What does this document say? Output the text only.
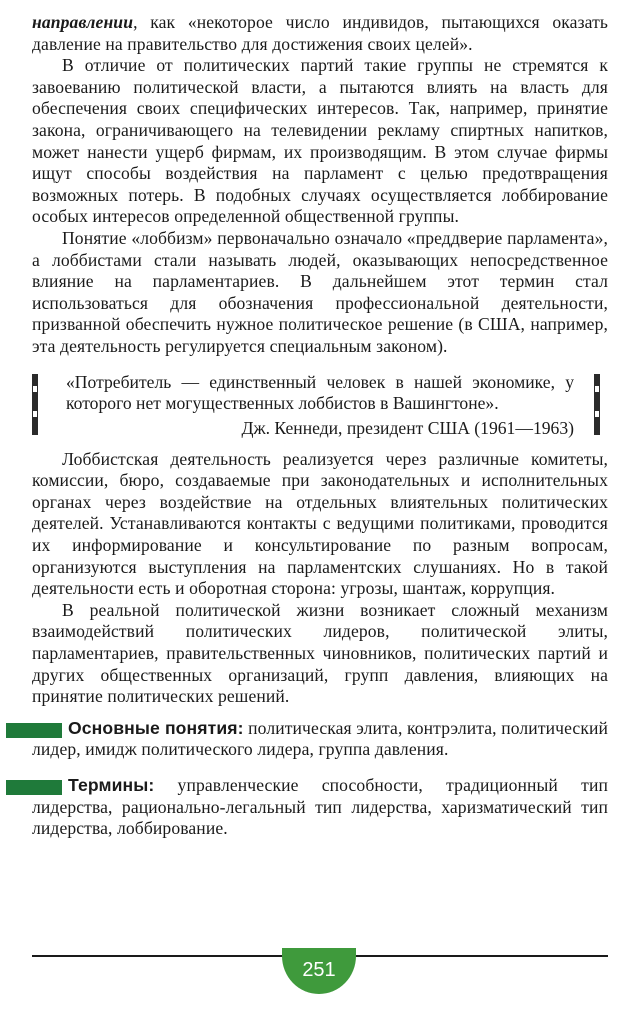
направлении, как «некоторое число индивидов, пытающихся оказать давление на правительство для достижения своих целей».

В отличие от политических партий такие группы не стремятся к завоеванию политической власти, а пытаются влиять на власть для обеспечения своих специфических интересов. Так, например, принятие закона, ограничивающего на телевидении рекламу спиртных напитков, может нанести ущерб фирмам, их производящим. В этом случае фирмы ищут способы воздействия на парламент с целью предотвращения возможных потерь. В подобных случаях осуществляется лоббирование особых интересов определенной общественной группы.

Понятие «лоббизм» первоначально означало «преддверие парламента», а лоббистами стали называть людей, оказывающих непосредственное влияние на парламентариев. В дальнейшем этот термин стал использоваться для обозначения профессиональной деятельности, призванной обеспечить нужное политическое решение (в США, например, эта деятельность регулируется специальным законом).

«Потребитель — единственный человек в нашей экономике, у которого нет могущественных лоббистов в Вашингтоне».

Дж. Кеннеди, президент США (1961—1963)

Лоббистская деятельность реализуется через различные комитеты, комиссии, бюро, создаваемые при законодательных и исполнительных органах через воздействие на отдельных влиятельных политических деятелей. Устанавливаются контакты с ведущими политиками, проводится их информирование и консультирование по разным вопросам, организуются выступления на парламентских слушаниях. Но в такой деятельности есть и оборотная сторона: угрозы, шантаж, коррупция.

В реальной политической жизни возникает сложный механизм взаимодействий политических лидеров, политической элиты, парламентариев, правительственных чиновников, политических партий и других общественных организаций, групп давления, влияющих на принятие политических решений.

Основные понятия: политическая элита, контрэлита, политический лидер, имидж политического лидера, группа давления.

Термины: управленческие способности, традиционный тип лидерства, рационально-легальный тип лидерства, харизматический тип лидерства, лоббирование.

251
